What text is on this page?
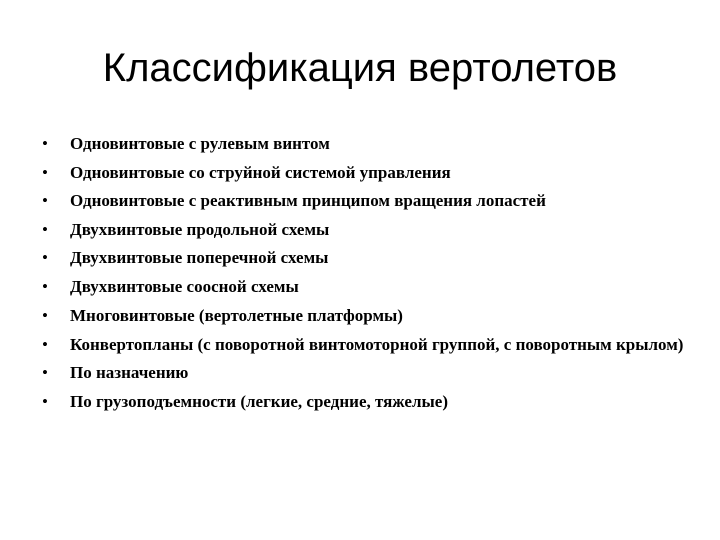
Классификация вертолетов
• Одновинтовые с рулевым винтом
• Одновинтовые со струйной системой управления
• Одновинтовые с реактивным принципом вращения лопастей
• Двухвинтовые продольной схемы
• Двухвинтовые поперечной схемы
• Двухвинтовые соосной схемы
• Многовинтовые (вертолетные платформы)
• Конвертопланы (с поворотной винтомоторной группой, с поворотным крылом)
• По назначению
• По грузоподъемности (легкие, средние, тяжелые)
